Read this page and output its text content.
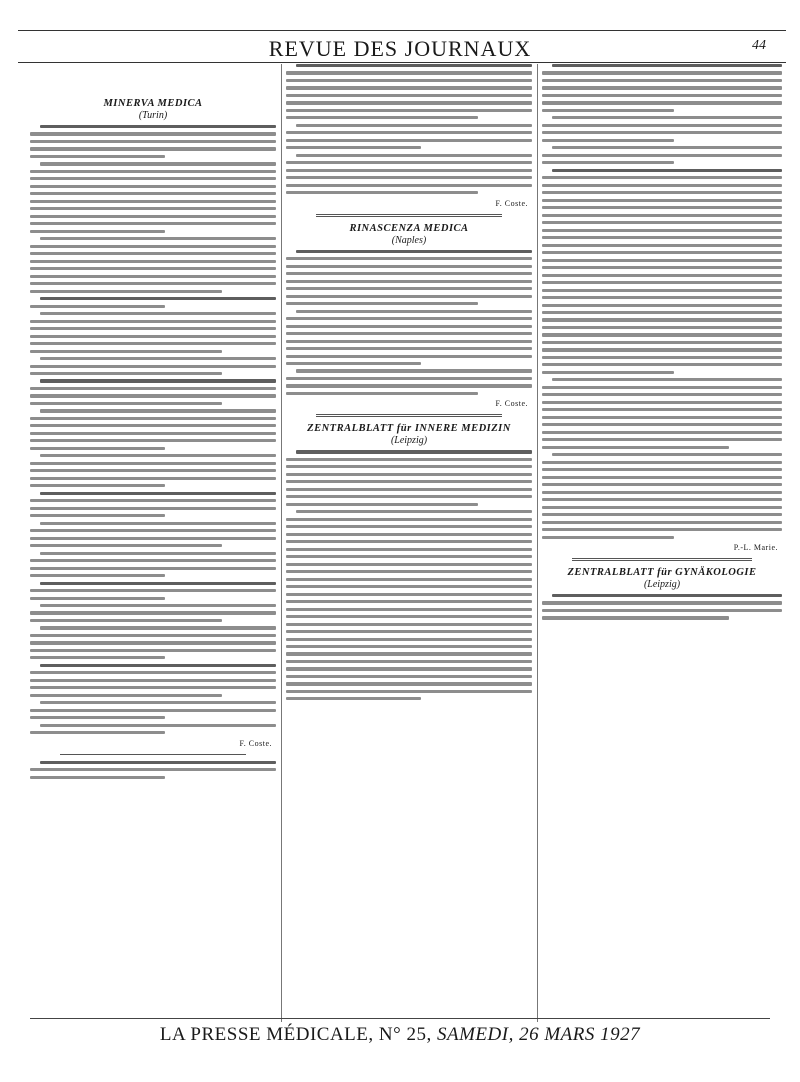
REVUE DES JOURNAUX	44
MINERVA MEDICA
(Turin)
F. Coste.
F. Coste.
RINASCENZA MEDICA
(Naples)
F. Coste.
ZENTRALBLATT für INNERE MEDIZIN
(Leipzig)
P.-L. Marie.
ZENTRALBLATT für GYNÄKOLOGIE
(Leipzig)
LA PRESSE MÉDICALE, N° 25, SAMEDI, 26 MARS 1927
